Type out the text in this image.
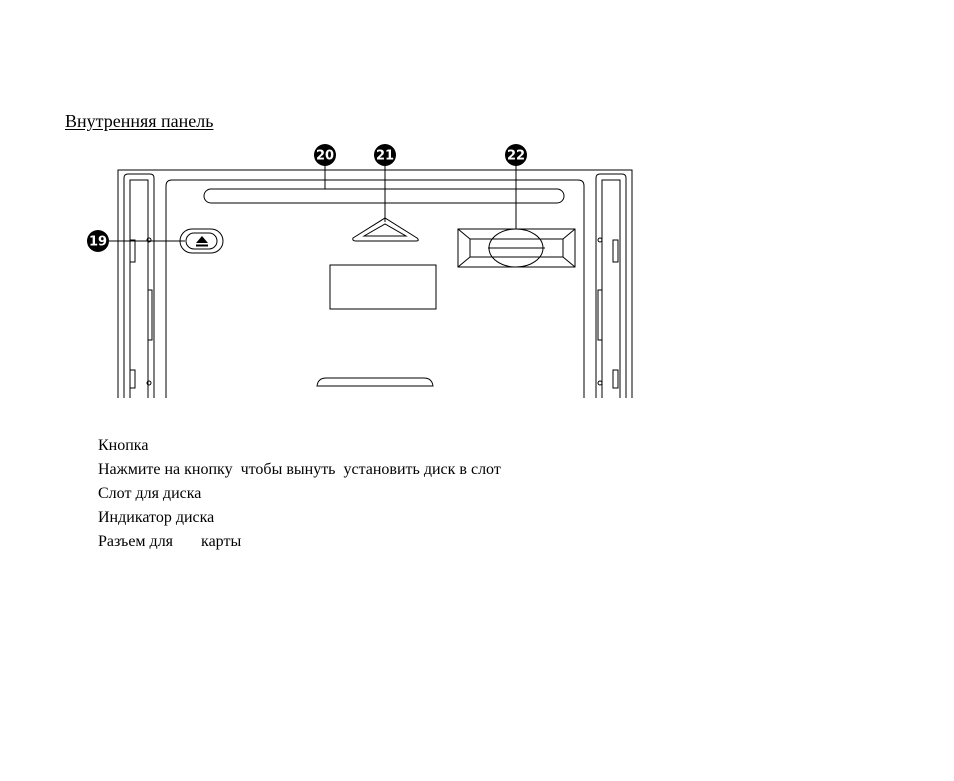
Внутренняя панель
19
20	21	22
Кнопка
Нажмите на кнопку  чтобы вынуть  установить диск в слот
Слот для диска
Индикатор диска
Разъем для       карты
